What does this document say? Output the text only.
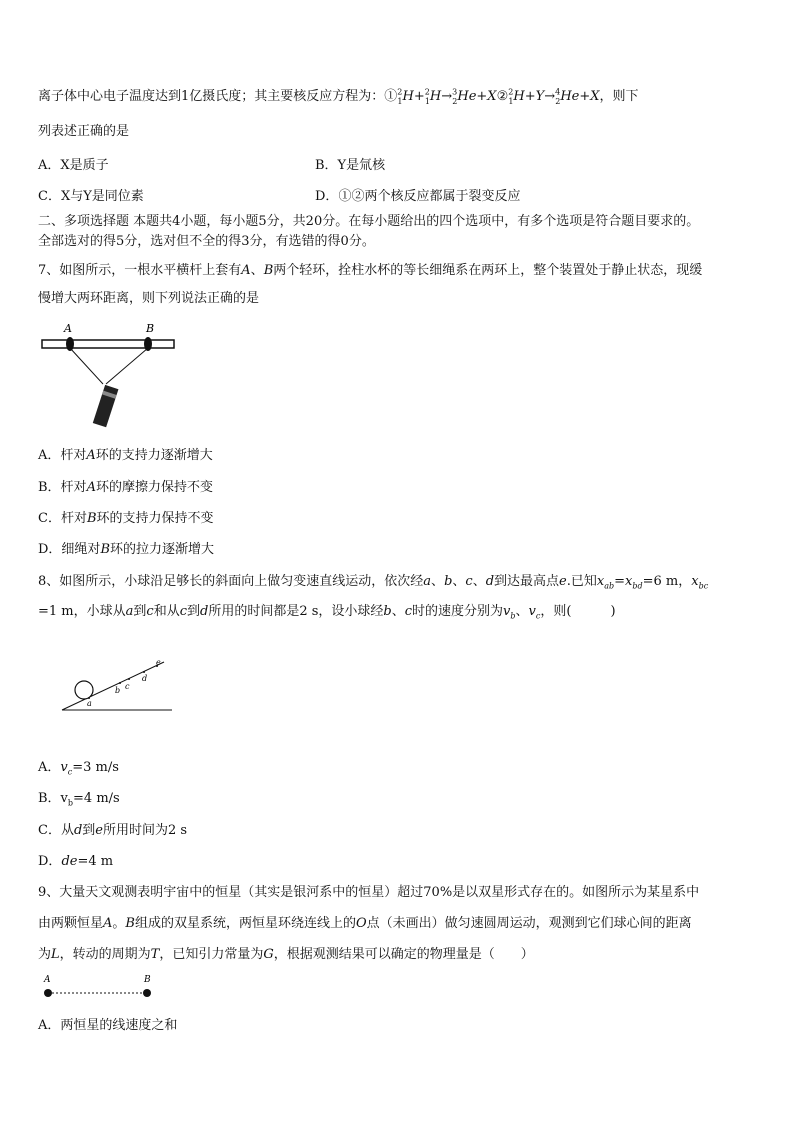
离子体中心电子温度达到1亿摄氏度；其主要核反应方程为：①$^2_1$H+$^2_1$H→$^3_2$He+X②$^2_1$H+Y→$^4_2$He+X，则下
列表述正确的是
A．X是质子	B．Y是氚核
C．X与Y是同位素	D．①②两个核反应都属于裂变反应
二、多项选择题 本题共4小题，每小题5分，共20分。在每小题给出的四个选项中，有多个选项是符合题目要求的。
全部选对的得5分，选对但不全的得3分，有选错的得0分。
7、如图所示，一根水平横杆上套有A、B两个轻环，拴柱水杯的等长细绳系在两环上，整个装置处于静止状态，现缓
慢增大两环距离，则下列说法正确的是
A	B
A．杆对A环的支持力逐渐增大
B．杆对A环的摩擦力保持不变
C．杆对B环的支持力保持不变
D．细绳对B环的拉力逐渐增大
8、如图所示，小球沿足够长的斜面向上做匀变速直线运动，依次经a、b、c、d到达最高点e.已知$x_{ab}=x_{bd}=6$ m，$x_{bc}$
=1 m，小球从a到c和从c到d所用的时间都是2 s，设小球经b、c时的速度分别为$v_b$、$v_c$，则(　　　)
a
b c
d
e
A．$v_c=3$ m/s
B．$v_b=4$ m/s
C．从d到e所用时间为2 s
D．de=4 m
9、大量天文观测表明宇宙中的恒星（其实是银河系中的恒星）超过70%是以双星形式存在的。如图所示为某星系中
由两颗恒星A。B组成的双星系统，两恒星环绕连线上的O点（未画出）做匀速圆周运动，观测到它们球心间的距离
为L，转动的周期为T，已知引力常量为G，根据观测结果可以确定的物理量是（　　）
A	B
A．两恒星的线速度之和
